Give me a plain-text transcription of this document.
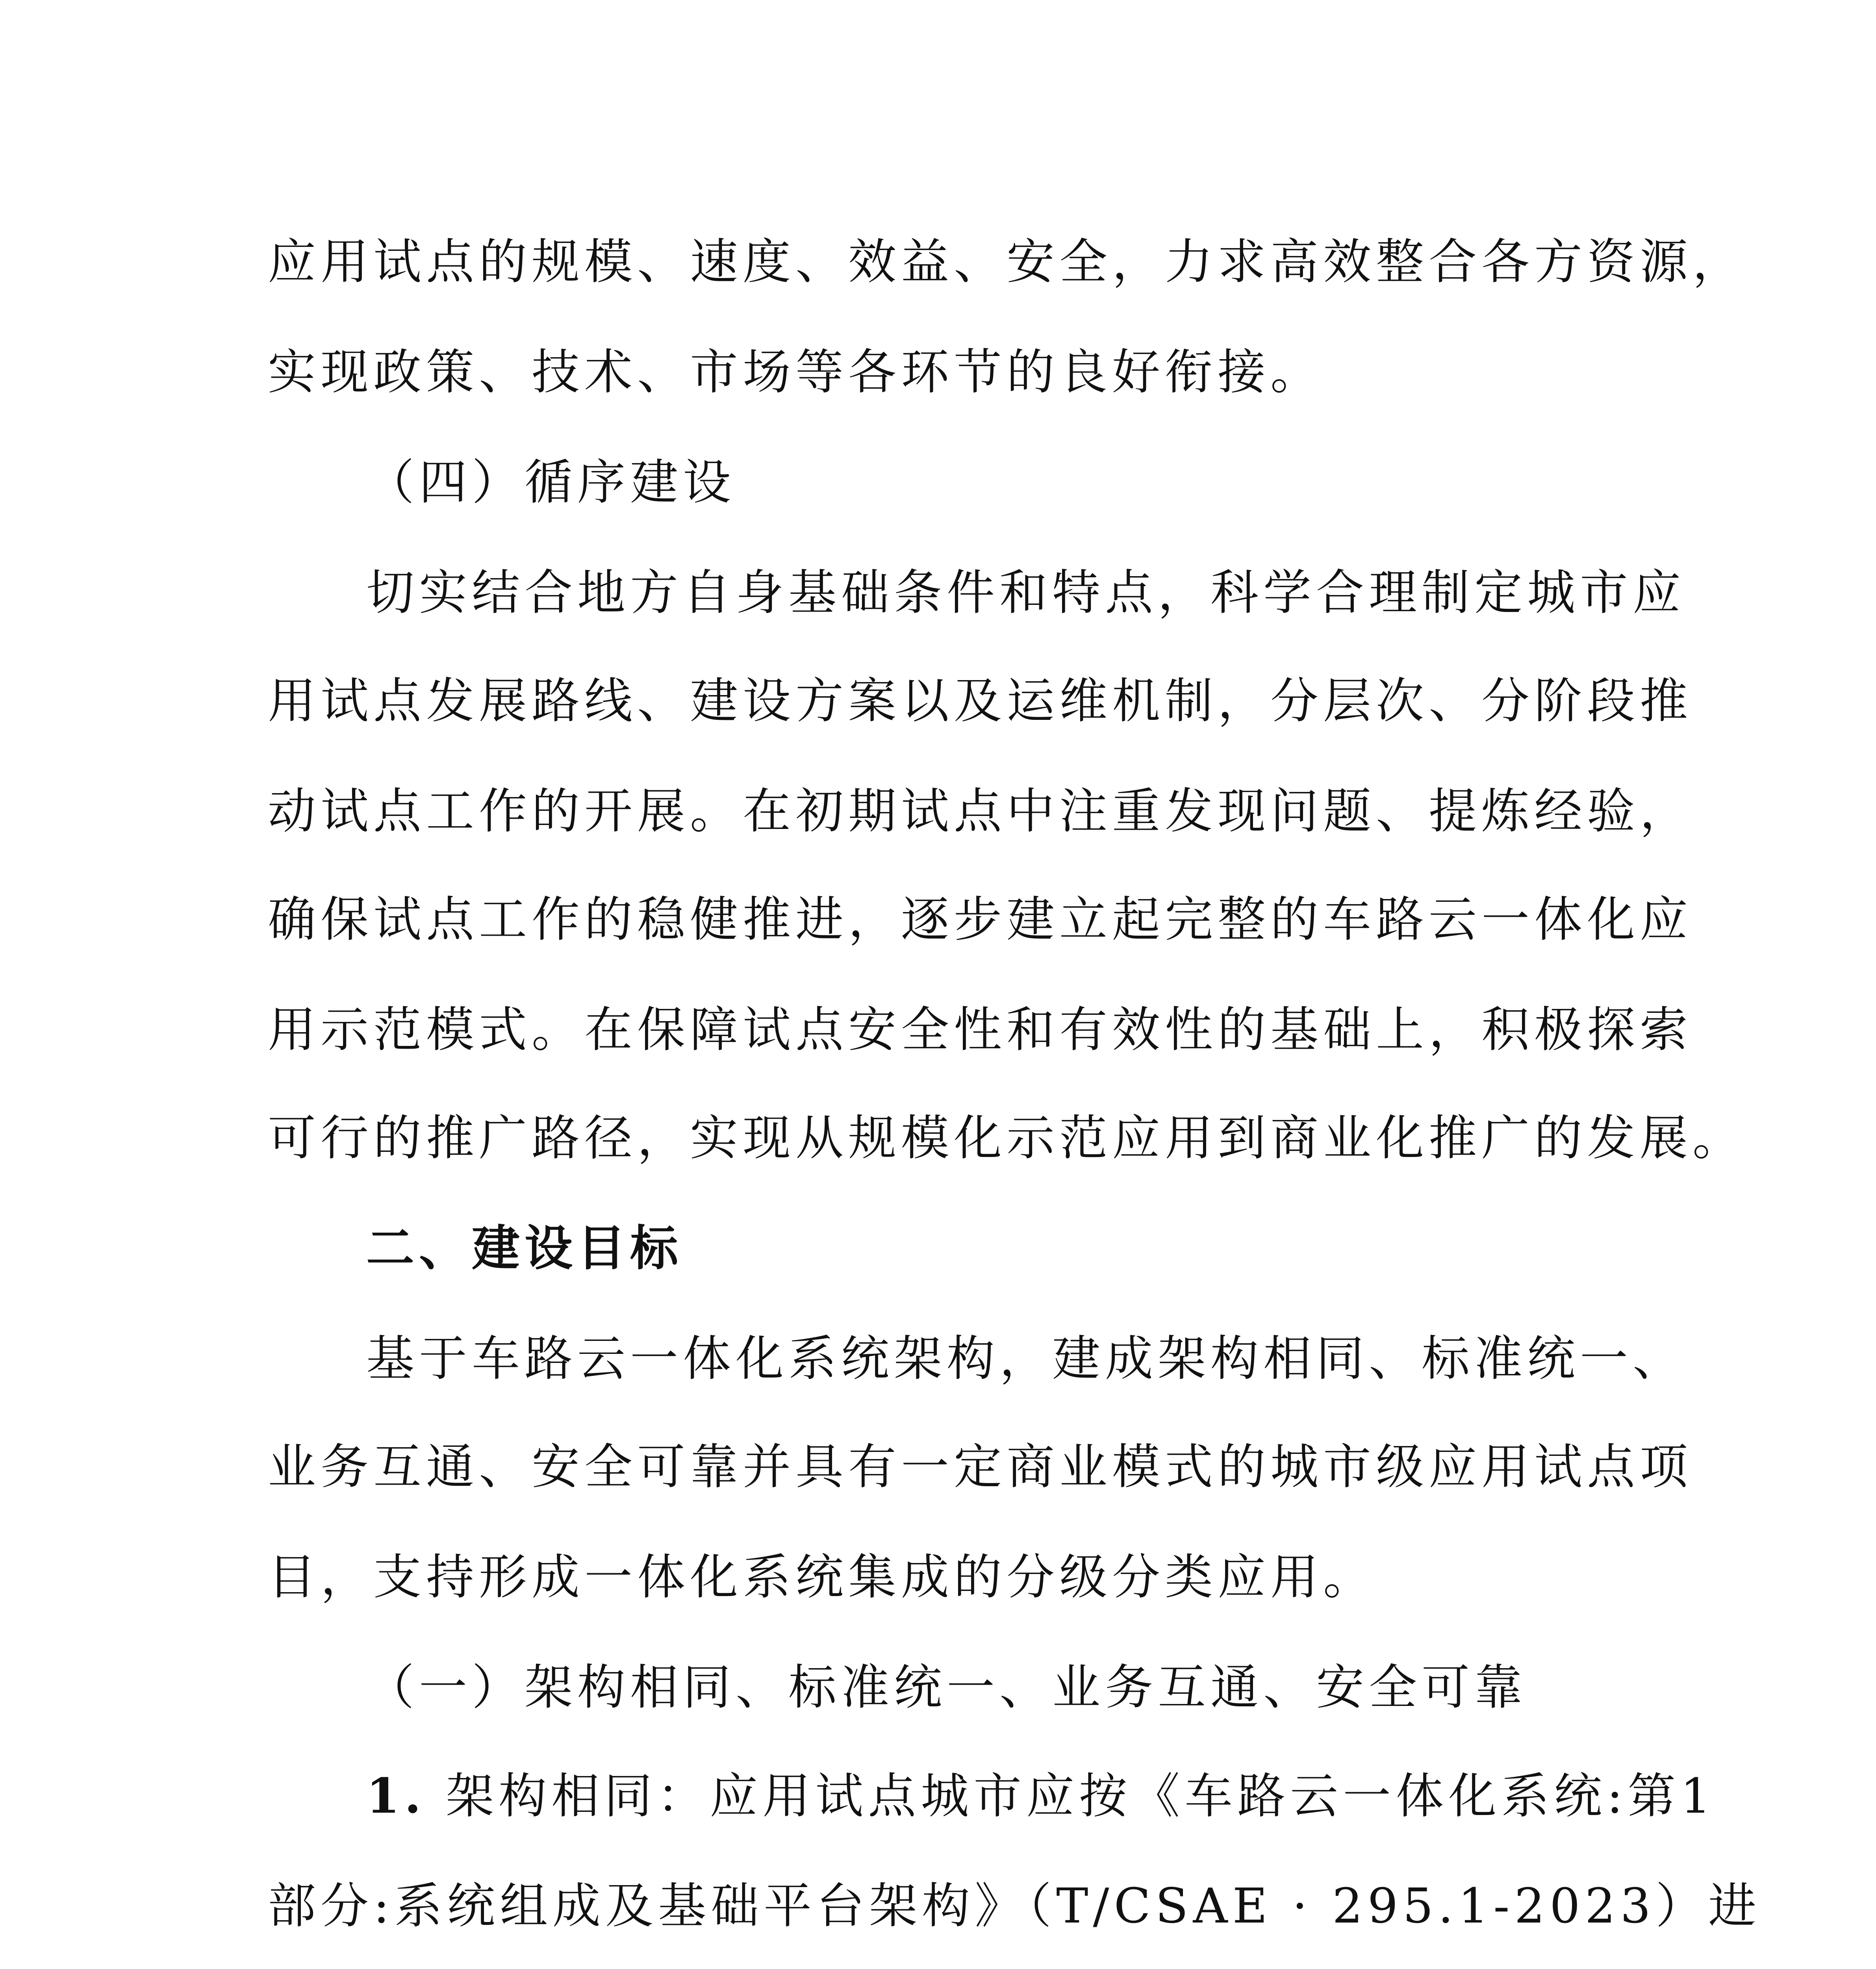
应用试点的规模、速度、效益、安全，力求高效整合各方资源，
实现政策、技术、市场等各环节的良好衔接。
（四）循序建设
切实结合地方自身基础条件和特点，科学合理制定城市应
用试点发展路线、建设方案以及运维机制，分层次、分阶段推
动试点工作的开展。在初期试点中注重发现问题、提炼经验，
确保试点工作的稳健推进，逐步建立起完整的车路云一体化应
用示范模式。在保障试点安全性和有效性的基础上，积极探索
可行的推广路径，实现从规模化示范应用到商业化推广的发展。
二、建设目标
基于车路云一体化系统架构，建成架构相同、标准统一、
业务互通、安全可靠并具有一定商业模式的城市级应用试点项
目，支持形成一体化系统集成的分级分类应用。
（一）架构相同、标准统一、业务互通、安全可靠
1. 架构相同：应用试点城市应按《车路云一体化系统:第1
部分:系统组成及基础平台架构》（T/CSAE · 295.1-2023）进
